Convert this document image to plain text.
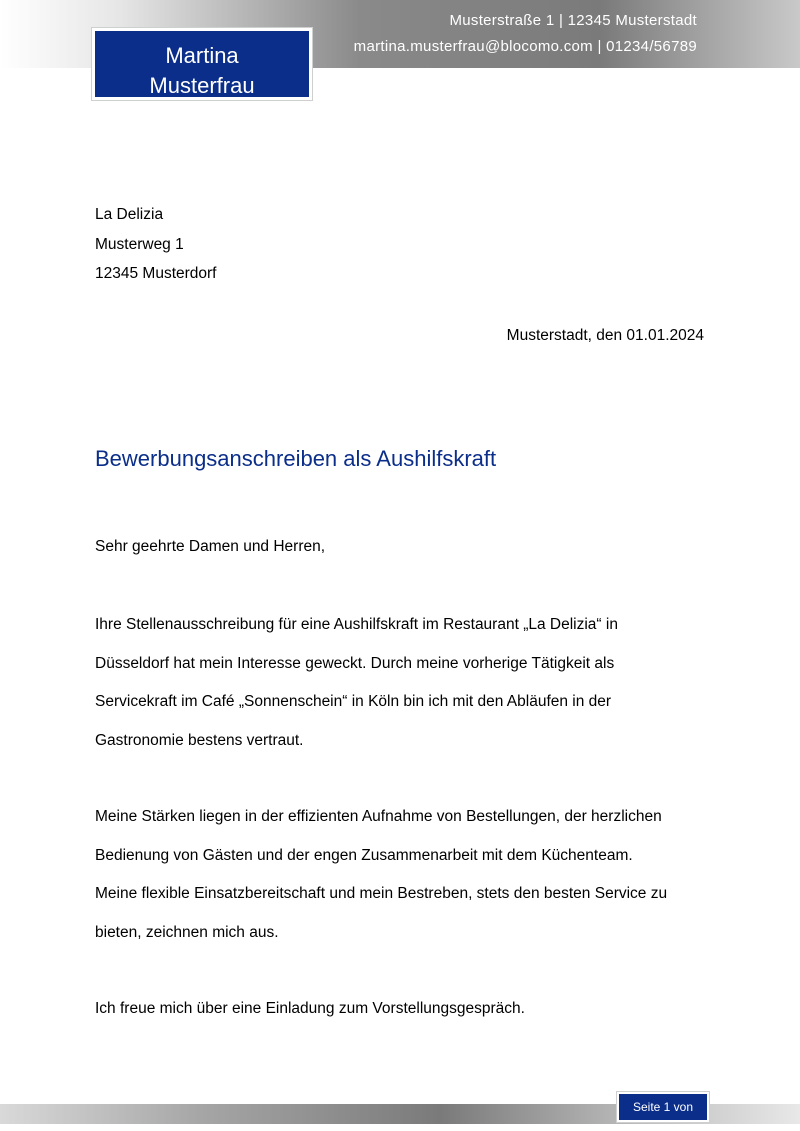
Martina
Musterfrau
Musterstraße 1 | 12345 Musterstadt
martina.musterfrau@blocomo.com | 01234/56789
La Delizia
Musterweg 1
12345 Musterdorf
Musterstadt, den 01.01.2024
Bewerbungsanschreiben als Aushilfskraft
Sehr geehrte Damen und Herren,
Ihre Stellenausschreibung für eine Aushilfskraft im Restaurant „La Delizia“ in
Düsseldorf hat mein Interesse geweckt. Durch meine vorherige Tätigkeit als
Servicekraft im Café „Sonnenschein“ in Köln bin ich mit den Abläufen in der
Gastronomie bestens vertraut.
Meine Stärken liegen in der effizienten Aufnahme von Bestellungen, der herzlichen
Bedienung von Gästen und der engen Zusammenarbeit mit dem Küchenteam.
Meine flexible Einsatzbereitschaft und mein Bestreben, stets den besten Service zu
bieten, zeichnen mich aus.
Ich freue mich über eine Einladung zum Vorstellungsgespräch.
Seite 1 von
